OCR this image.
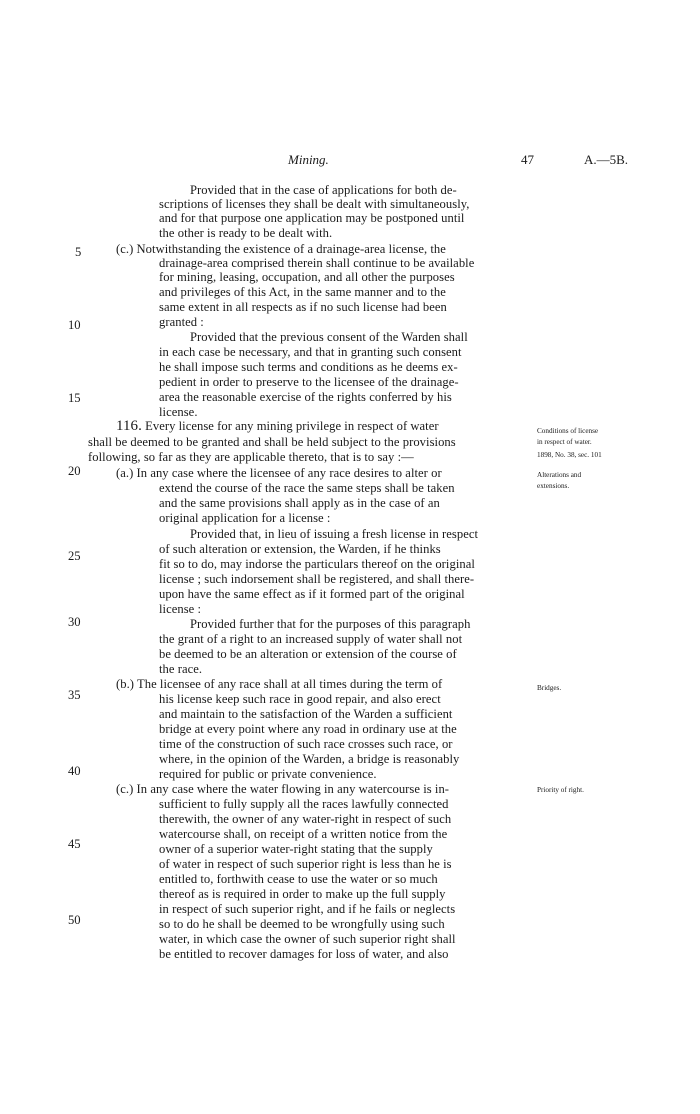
Mining.	47	A.—5B.
5
10
15
20
25
30
35
40
45
50
Provided that in the case of applications for both de-
scriptions of licenses they shall be dealt with simultaneously,
and for that purpose one application may be postponed until
the other is ready to be dealt with.
(c.) Notwithstanding the existence of a drainage-area license, the
drainage-area comprised therein shall continue to be available
for mining, leasing, occupation, and all other the purposes
and privileges of this Act, in the same manner and to the
same extent in all respects as if no such license had been
granted :
Provided that the previous consent of the Warden shall
in each case be necessary, and that in granting such consent
he shall impose such terms and conditions as he deems ex-
pedient in order to preserve to the licensee of the drainage-
area the reasonable exercise of the rights conferred by his
license.
116. Every license for any mining privilege in respect of water
shall be deemed to be granted and shall be held subject to the provisions
following, so far as they are applicable thereto, that is to say :—
(a.) In any case where the licensee of any race desires to alter or
extend the course of the race the same steps shall be taken
and the same provisions shall apply as in the case of an
original application for a license :
Provided that, in lieu of issuing a fresh license in respect
of such alteration or extension, the Warden, if he thinks
fit so to do, may indorse the particulars thereof on the original
license ; such indorsement shall be registered, and shall there-
upon have the same effect as if it formed part of the original
license :
Provided further that for the purposes of this paragraph
the grant of a right to an increased supply of water shall not
be deemed to be an alteration or extension of the course of
the race.
(b.) The licensee of any race shall at all times during the term of
his license keep such race in good repair, and also erect
and maintain to the satisfaction of the Warden a sufficient
bridge at every point where any road in ordinary use at the
time of the construction of such race crosses such race, or
where, in the opinion of the Warden, a bridge is reasonably
required for public or private convenience.
(c.) In any case where the water flowing in any watercourse is in-
sufficient to fully supply all the races lawfully connected
therewith, the owner of any water-right in respect of such
watercourse shall, on receipt of a written notice from the
owner of a superior water-right stating that the supply
of water in respect of such superior right is less than he is
entitled to, forthwith cease to use the water or so much
thereof as is required in order to make up the full supply
in respect of such superior right, and if he fails or neglects
so to do he shall be deemed to be wrongfully using such
water, in which case the owner of such superior right shall
be entitled to recover damages for loss of water, and also
Conditions of license
in respect of water.
1898, No. 38, sec. 101
Alterations and
extensions.
Bridges.
Priority of right.
